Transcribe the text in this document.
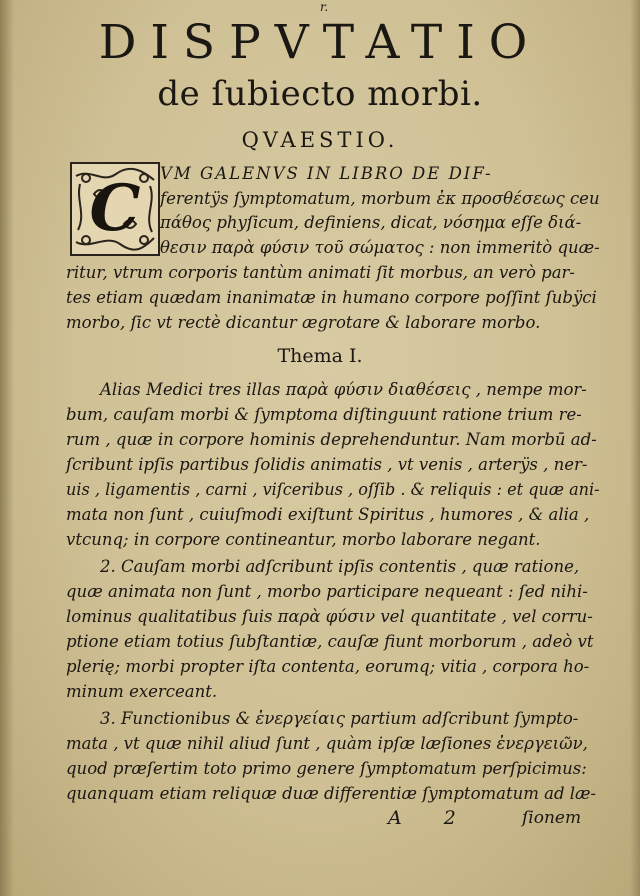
r.
DISPVTATIO
de ſubiecto morbi.
QVAESTIO.
C VM GALENVS IN LIBRO DE DIF-
ferentÿs ſymptomatum, morbum ἐκ προσθέσεως ceu
πάθος phyſicum, definiens, dicat, νόσημα eſſe διά-
θεσιν παρὰ φύσιν τοῦ σώματος : non immeritò quæ-
ritur, vtrum corporis tantùm animati ſit morbus, an verò par-
tes etiam quædam inanimatæ in humano corpore poſſint ſubÿci
morbo, ſic vt rectè dicantur ægrotare & laborare morbo.
Thema I.
Alias Medici tres illas παρὰ φύσιν διαθέσεις , nempe mor-
bum, cauſam morbi & ſymptoma diſtinguunt ratione trium re-
rum , quæ in corpore hominis deprehenduntur. Nam morbū ad-
ſcribunt ipſis partibus ſolidis animatis , vt venis , arterÿs , ner-
uis , ligamentis , carni , viſceribus , oſſib . & reliquis : et quæ ani-
mata non ſunt , cuiuſmodi exiſtunt Spiritus , humores , & alia ,
vtcunq; in corpore contineantur, morbo laborare negant.
2. Cauſam morbi adſcribunt ipſis contentis , quæ ratione,
quæ animata non ſunt , morbo participare nequeant : ſed nihi-
lominus qualitatibus ſuis παρὰ φύσιν vel quantitate , vel corru-
ptione etiam totius ſubſtantiæ, cauſæ fiunt morborum , adeò vt
plerię; morbi propter iſta contenta, eorumq; vitia , corpora ho-
minum exerceant.
3. Functionibus & ἐνεργείαις partium adſcribunt ſympto-
mata , vt quæ nihil aliud ſunt , quàm ipſæ læſiones ἐνεργειῶν,
quod præſertim toto primo genere ſymptomatum perſpicimus:
quanquam etiam reliquæ duæ differentiæ ſymptomatum ad læ-
A 2	ſionem
